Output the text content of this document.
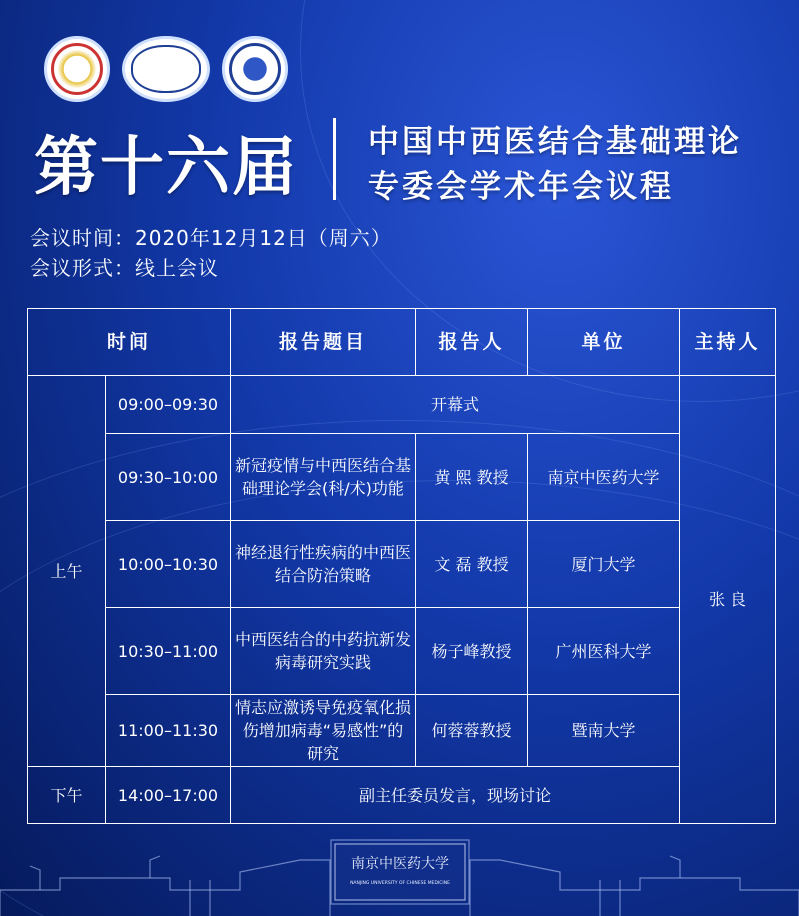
第十六届 中国中西医结合基础理论
专委会学术年会议程
会议时间：2020年12月12日（周六）
会议形式：线上会议
时间		报告题目	报告人	单位	主持人
上午	09:00–09:30	开幕式			张 良
	09:30–10:00	新冠疫情与中西医结合基础理论学会(科/术)功能	黄 熙 教授	南京中医药大学	
	10:00–10:30	神经退行性疾病的中西医结合防治策略	文 磊 教授	厦门大学	
	10:30–11:00	中西医结合的中药抗新发病毒研究实践	杨子峰教授	广州医科大学	
	11:00–11:30	情志应激诱导免疫氧化损伤增加病毒“易感性”的研究	何蓉蓉教授	暨南大学	
下午	14:00–17:00	副主任委员发言，现场讨论			
南京中医药大学
NANJING UNIVERSITY OF CHINESE MEDICINE
